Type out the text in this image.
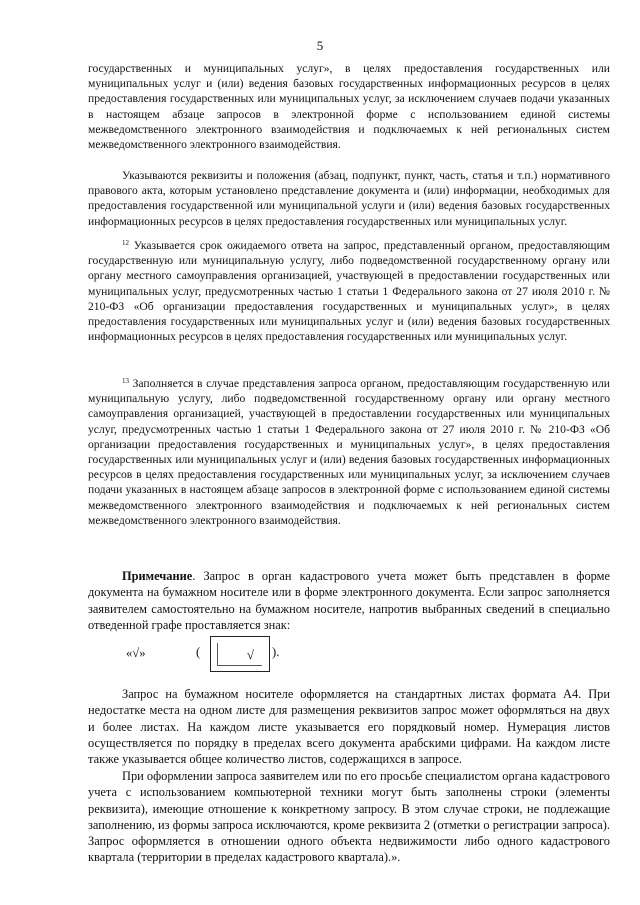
5

государственных и муниципальных услуг», в целях предоставления государственных или муниципальных услуг и (или) ведения базовых государственных информационных ресурсов в целях предоставления государственных или муниципальных услуг, за исключением случаев подачи указанных в настоящем абзаце запросов в электронной форме с использованием единой системы межведомственного электронного взаимодействия и подключаемых к ней региональных систем межведомственного электронного взаимодействия.

Указываются реквизиты и положения (абзац, подпункт, пункт, часть, статья и т.п.) нормативного правового акта, которым установлено представление документа и (или) информации, необходимых для предоставления государственной или муниципальной услуги и (или) ведения базовых государственных информационных ресурсов в целях предоставления государственных или муниципальных услуг.

$^{12}$ Указывается срок ожидаемого ответа на запрос, представленный органом, предоставляющим государственную или муниципальную услугу, либо подведомственной государственному органу или органу местного самоуправления организацией, участвующей в предоставлении государственных или муниципальных услуг, предусмотренных частью 1 статьи 1 Федерального закона от 27 июля 2010 г. № 210-ФЗ «Об организации предоставления государственных и муниципальных услуг», в целях предоставления государственных или муниципальных услуг и (или) ведения базовых государственных информационных ресурсов в целях предоставления государственных или муниципальных услуг.

$^{13}$ Заполняется в случае представления запроса органом, предоставляющим государственную или муниципальную услугу, либо подведомственной государственному органу или органу местного самоуправления организацией, участвующей в предоставлении государственных или муниципальных услуг, предусмотренных частью 1 статьи 1 Федерального закона от 27 июля 2010 г. № 210-ФЗ «Об организации предоставления государственных и муниципальных услуг», в целях предоставления государственных или муниципальных услуг и (или) ведения базовых государственных информационных ресурсов в целях предоставления государственных или муниципальных услуг, за исключением случаев подачи указанных в настоящем абзаце запросов в электронной форме с использованием единой системы межведомственного электронного взаимодействия и подключаемых к ней региональных систем межведомственного электронного взаимодействия.

Примечание. Запрос в орган кадастрового учета может быть представлен в форме документа на бумажном носителе или в форме электронного документа. Если запрос заполняется заявителем самостоятельно на бумажном носителе, напротив выбранных сведений в специально отведенной графе проставляется знак:

«√»	(	√ ).

Запрос на бумажном носителе оформляется на стандартных листах формата А4. При недостатке места на одном листе для размещения реквизитов запрос может оформляться на двух и более листах. На каждом листе указывается его порядковый номер. Нумерация листов осуществляется по порядку в пределах всего документа арабскими цифрами. На каждом листе также указывается общее количество листов, содержащихся в запросе.

При оформлении запроса заявителем или по его просьбе специалистом органа кадастрового учета с использованием компьютерной техники могут быть заполнены строки (элементы реквизита), имеющие отношение к конкретному запросу. В этом случае строки, не подлежащие заполнению, из формы запроса исключаются, кроме реквизита 2 (отметки о регистрации запроса). Запрос оформляется в отношении одного объекта недвижимости либо одного кадастрового квартала (территории в пределах кадастрового квартала).».
